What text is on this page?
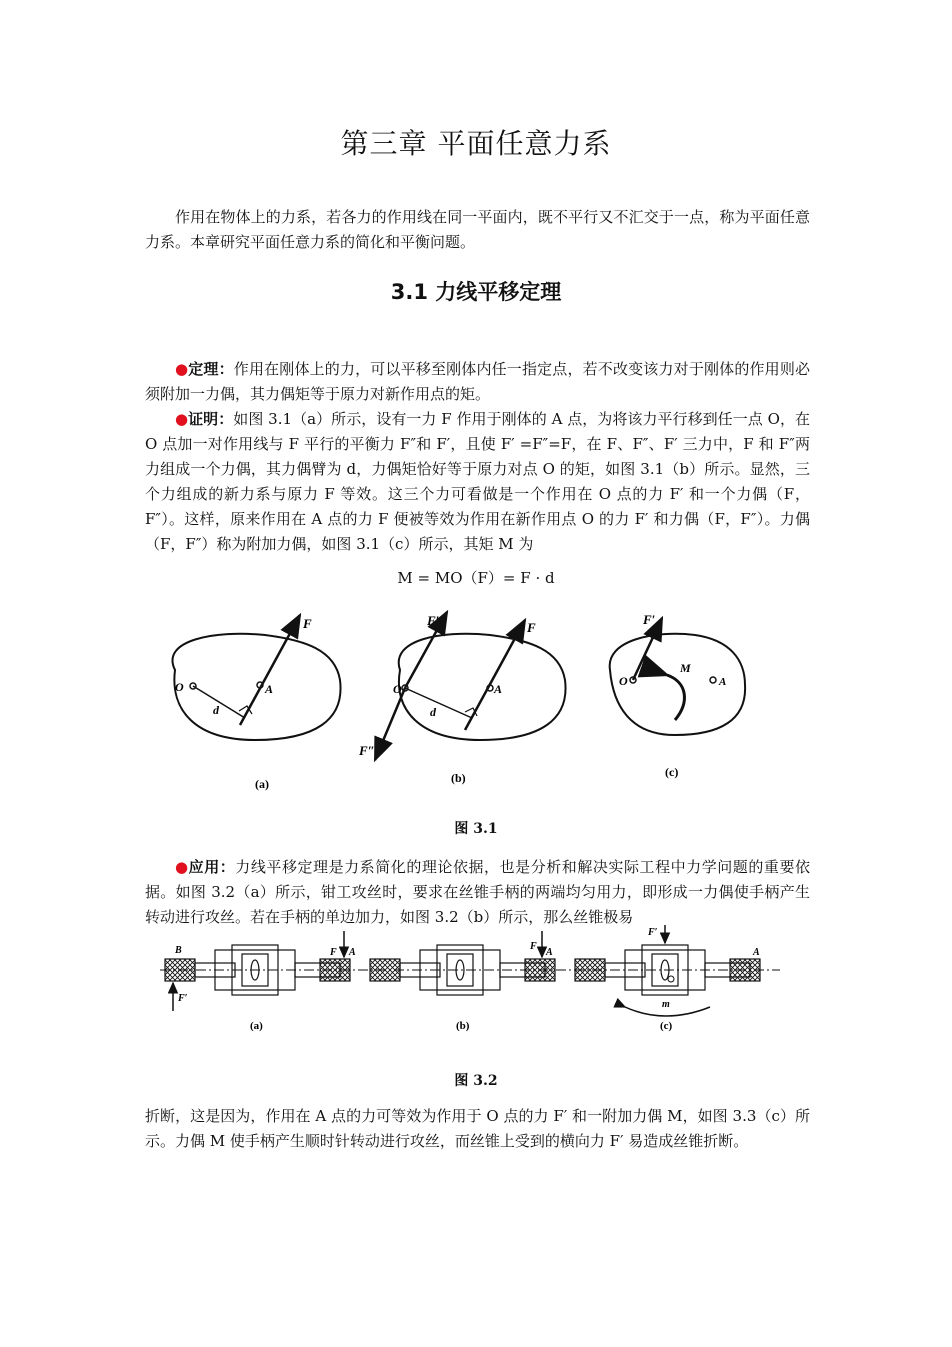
第三章 平面任意力系

作用在物体上的力系，若各力的作用线在同一平面内，既不平行又不汇交于一点，称为平面任意力系。本章研究平面任意力系的简化和平衡问题。

3.1 力线平移定理

●定理：作用在刚体上的力，可以平移至刚体内任一指定点，若不改变该力对于刚体的作用则必须附加一力偶，其力偶矩等于原力对新作用点的矩。

●证明：如图 3.1（a）所示，设有一力 F 作用于刚体的 A 点，为将该力平行移到任一点 O，在 O 点加一对作用线与 F 平行的平衡力 F″和 F′，且使 F′ =F″=F，在 F、F″、F′ 三力中，F 和 F″两力组成一个力偶，其力偶臂为 d，力偶矩恰好等于原力对点 O 的矩，如图 3.1（b）所示。显然，三个力组成的新力系与原力 F 等效。这三个力可看做是一个作用在 O 点的力 F′ 和一个力偶（F，F″）。这样，原来作用在 A 点的力 F 便被等效为作用在新作用点 O 的力 F′ 和力偶（F，F″）。力偶（F，F″）称为附加力偶，如图 3.1（c）所示，其矩 M 为

M = MO（F）= F · d
F
O	A
d
(a)
F
F′
F″
O	A
d
(b)
F′
M
O	A
(c)
图 3.1

●应用：力线平移定理是力系简化的理论依据，也是分析和解决实际工程中力学问题的重要依据。如图 3.2（a）所示，钳工攻丝时，要求在丝锥手柄的两端均匀用力，即形成一力偶使手柄产生转动进行攻丝。若在手柄的单边加力，如图 3.2（b）所示，那么丝锥极易

B	F A
F′
(a)
F
A
(b)
F′
A
m
(c)
图 3.2

折断，这是因为，作用在 A 点的力可等效为作用于 O 点的力 F′ 和一附加力偶 M，如图 3.3（c）所示。力偶 M 使手柄产生顺时针转动进行攻丝，而丝锥上受到的横向力 F′ 易造成丝锥折断。
